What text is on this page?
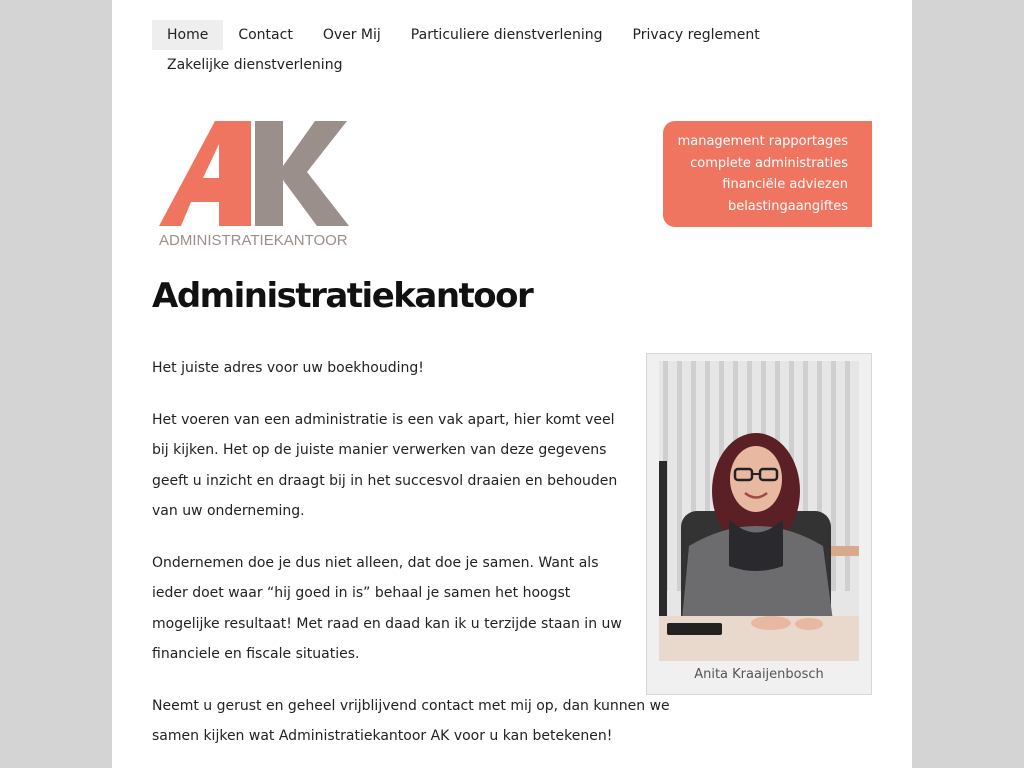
Home	Contact	Over Mij	Particuliere dienstverlening	Privacy reglement
Zakelijke dienstverlening
ADMINISTRATIEKANTOOR
management rapportages
complete administraties
financiële adviezen
belastingaangiftes
Administratiekantoor

Het juiste adres voor uw boekhouding!

Het voeren van een administratie is een vak apart, hier komt veel bij kijken. Het op de juiste manier verwerken van deze gegevens geeft u inzicht en draagt bij in het succesvol draaien en behouden van uw onderneming.

Ondernemen doe je dus niet alleen, dat doe je samen. Want als ieder doet waar “hij goed in is” behaal je samen het hoogst mogelijke resultaat! Met raad en daad kan ik u terzijde staan in uw financiele en fiscale situaties.

Neemt u gerust en geheel vrijblijvend contact met mij op, dan kunnen we samen kijken wat Administratiekantoor AK voor u kan betekenen!

Anita Kraaijenbosch
